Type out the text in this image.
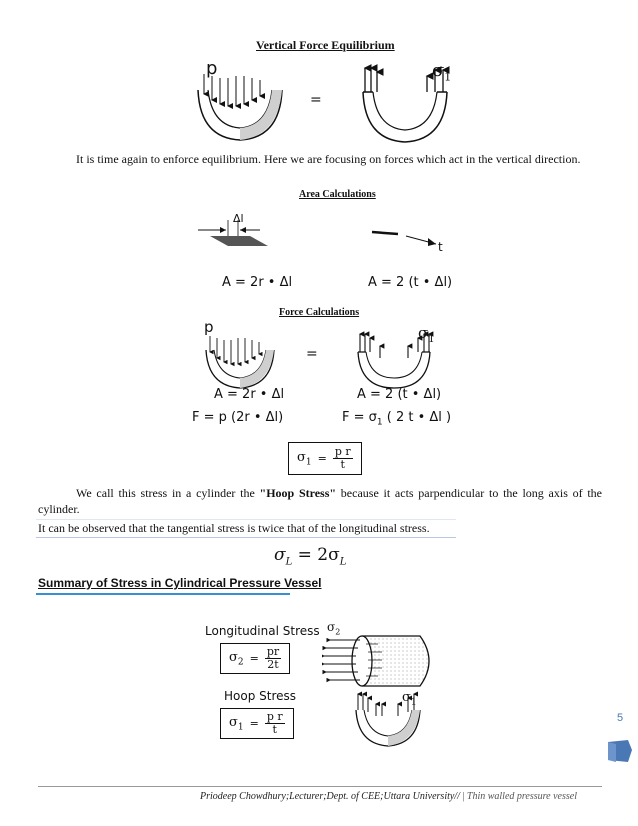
Vertical Force Equilibrium
p
=
$\sigma_1$
It is time again to enforce equilibrium. Here we are focusing on forces which act in the vertical direction.
Area Calculations
Δl
t
A = 2r • Δl	A = 2 (t • Δl)
Force Calculations
p
=
$\sigma_1$
A = 2r • Δl	A = 2 (t • Δl)
F = p (2r • Δl)	$F = \sigma_1$ ( 2 t • Δl )
$\sigma_1 = \frac{\text{p r}}{t}$
We call this stress in a cylinder the "Hoop Stress" because it acts parpendicular to the long axis of the cylinder.
It can be observed that the tangential stress is twice that of the longitudinal stress.
$\sigma_L = 2\sigma_L$
Summary of Stress in Cylindrical Pressure Vessel
Longitudinal Stress
$\sigma_2 = \frac{pr}{2t}$
$\sigma_2$
Hoop Stress
$\sigma_1 = \frac{\text{p r}}{t}$
$\sigma_1$
5
Priodeep Chowdhury;Lecturer;Dept. of CEE;Uttara University// | Thin walled pressure vessel
